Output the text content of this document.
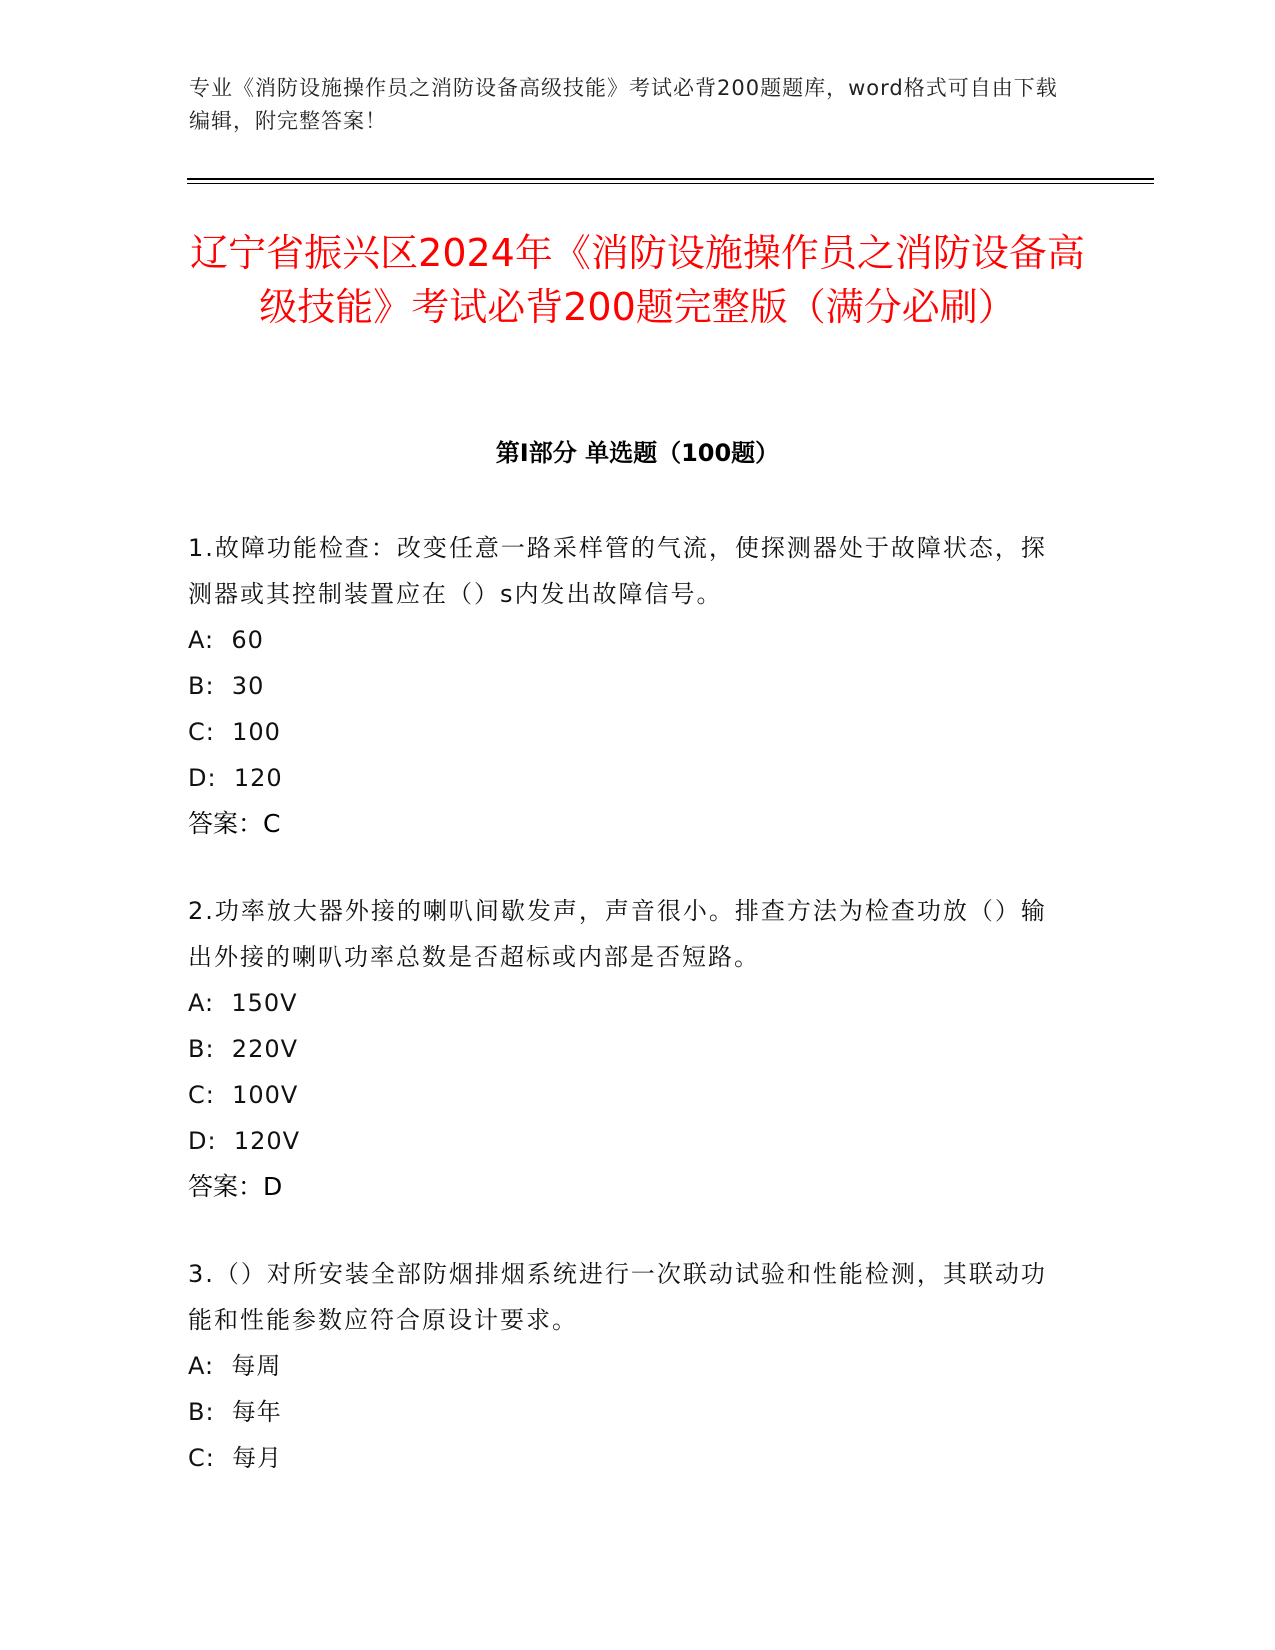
专业《消防设施操作员之消防设备高级技能》考试必背200题题库，word格式可自由下载编辑，附完整答案！
辽宁省振兴区2024年《消防设施操作员之消防设备高级技能》考试必背200题完整版（满分必刷）
第I部分 单选题（100题）

1.故障功能检查：改变任意一路采样管的气流，使探测器处于故障状态，探测器或其控制装置应在（）s内发出故障信号。

A:  60

B:  30

C:  100

D:  120

答案：C

2.功率放大器外接的喇叭间歇发声，声音很小。排查方法为检查功放（）输出外接的喇叭功率总数是否超标或内部是否短路。

A:  150V

B:  220V

C:  100V

D:  120V

答案：D

3.（）对所安装全部防烟排烟系统进行一次联动试验和性能检测，其联动功能和性能参数应符合原设计要求。

A:  每周

B:  每年

C:  每月
